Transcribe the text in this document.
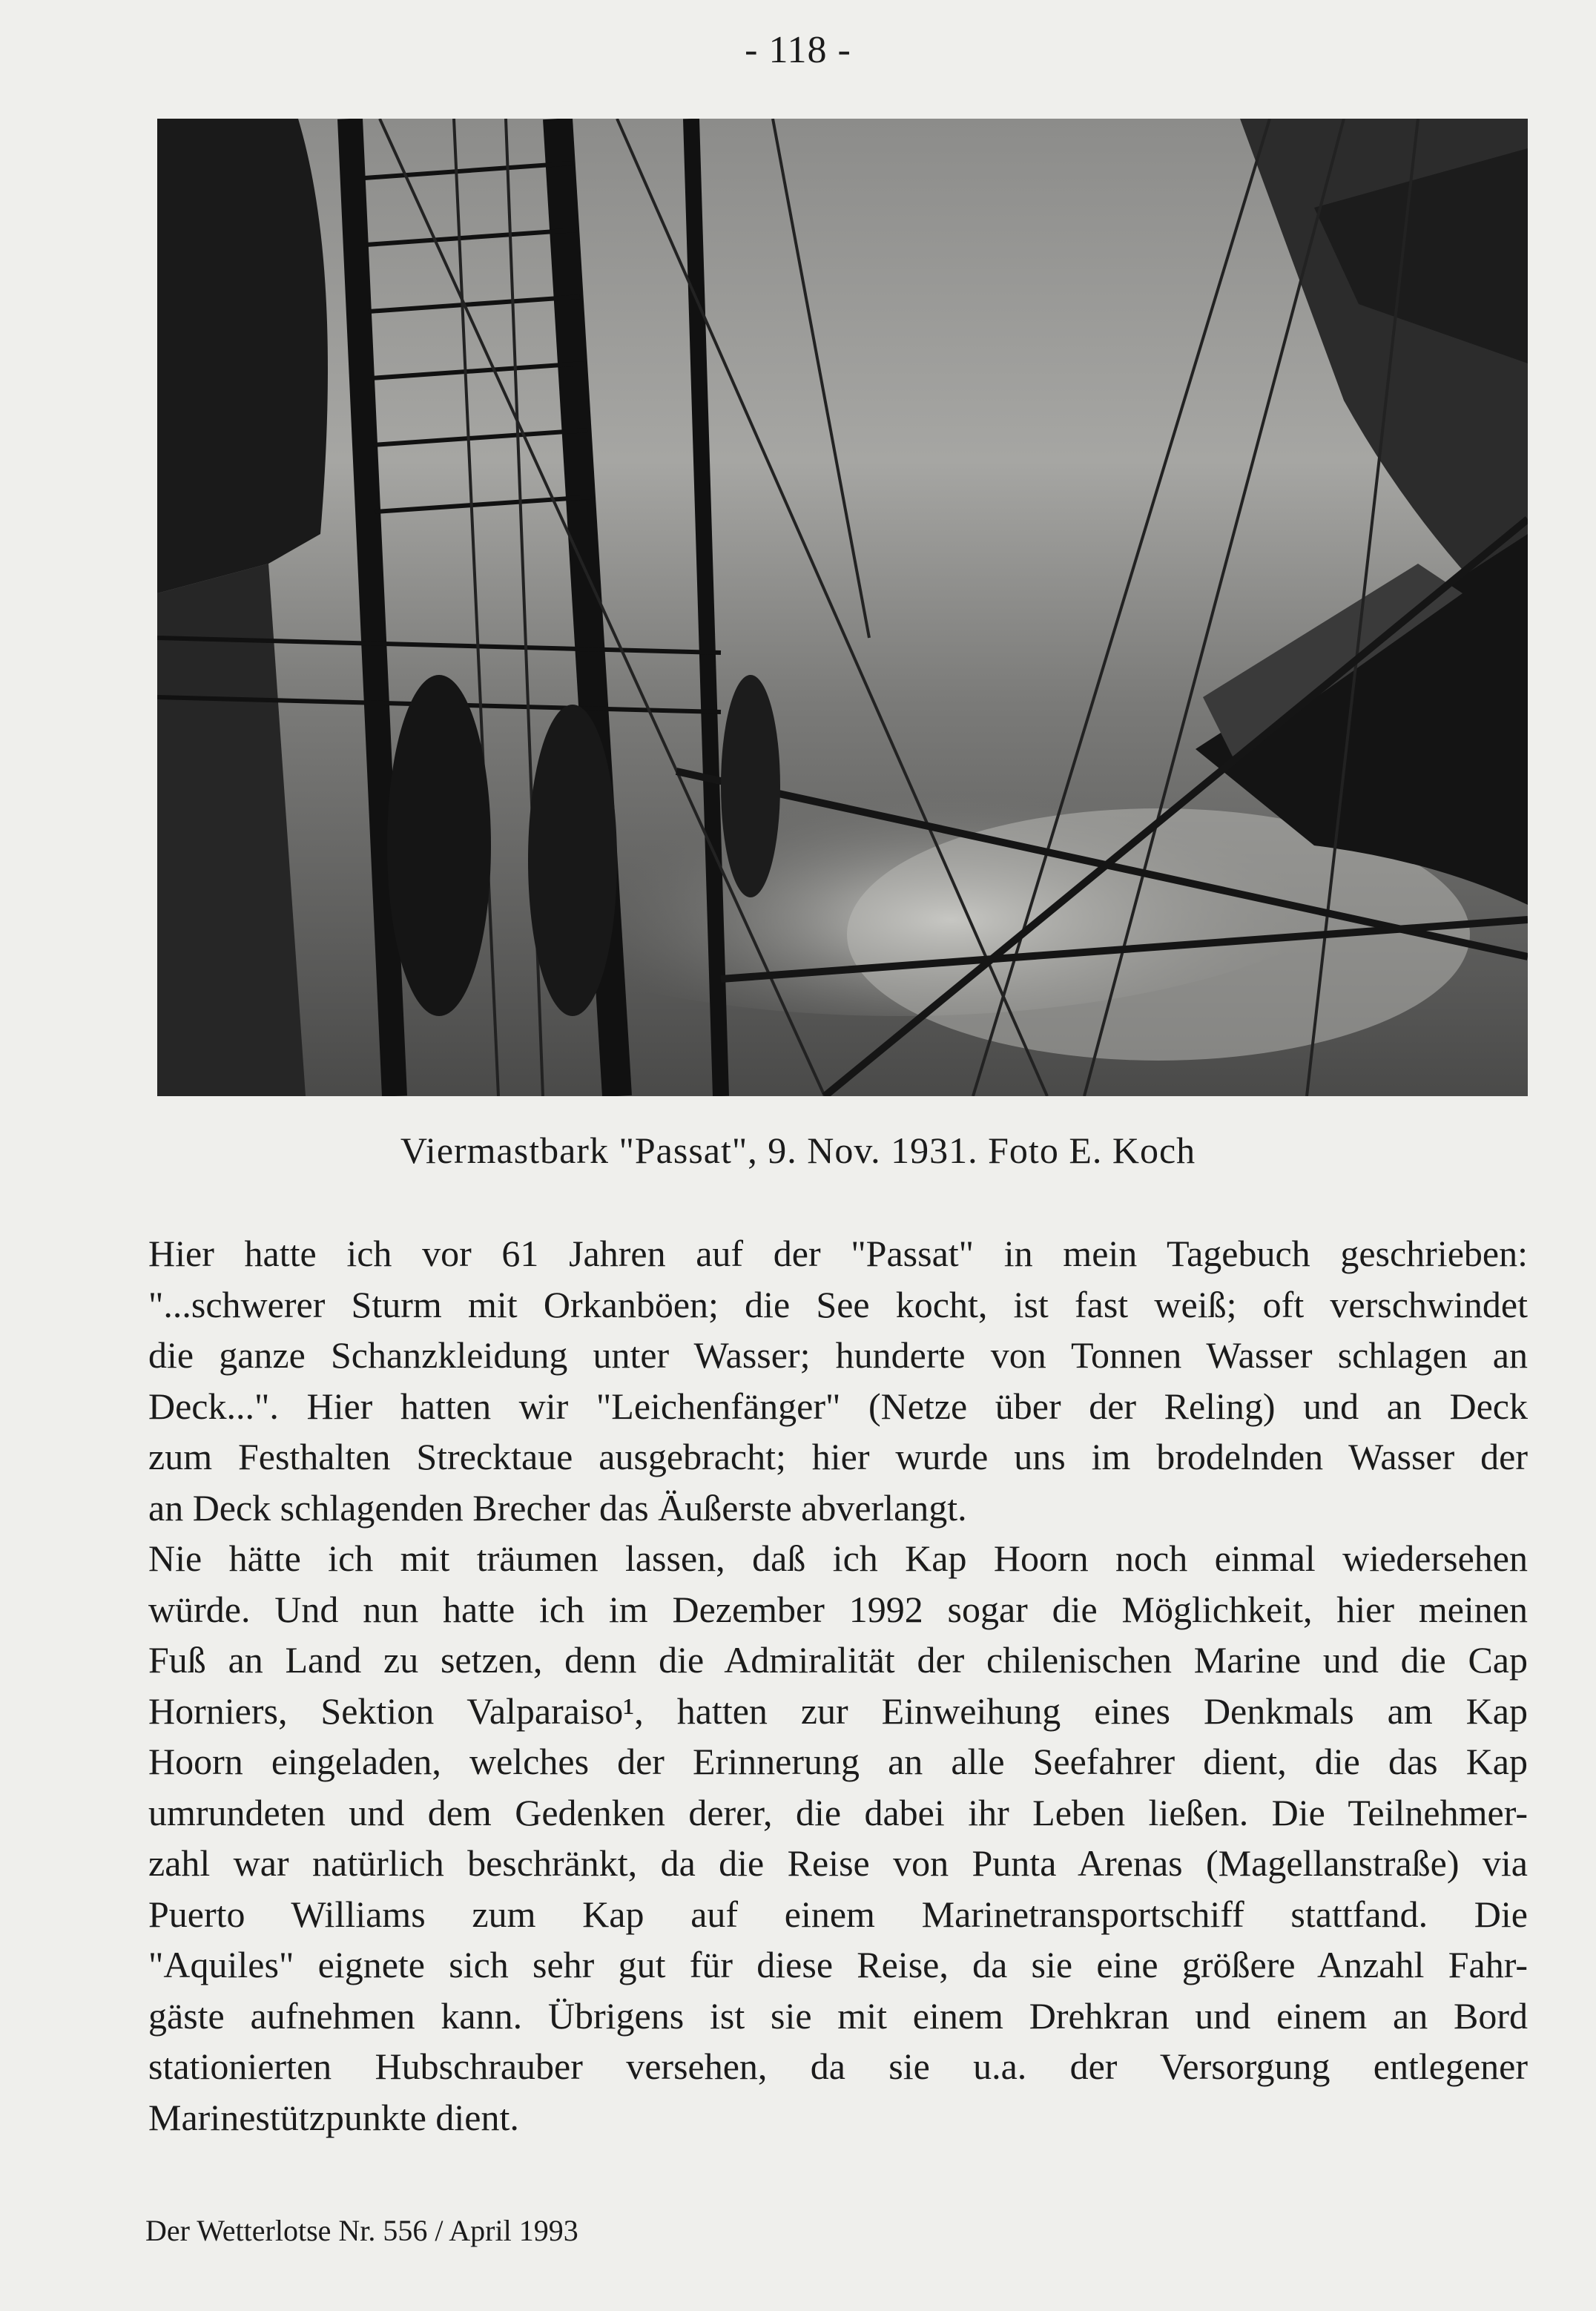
- 118 -
Viermastbark "Passat", 9. Nov. 1931. Foto E. Koch
Hier hatte ich vor 61 Jahren auf der "Passat" in mein Tagebuch geschrieben:
"...schwerer Sturm mit Orkanböen; die See kocht, ist fast weiß; oft verschwindet
die ganze Schanzkleidung unter Wasser; hunderte von Tonnen Wasser schlagen an
Deck...". Hier hatten wir "Leichenfänger" (Netze über der Reling) und an Deck
zum Festhalten Strecktaue ausgebracht; hier wurde uns im brodelnden Wasser der
an Deck schlagenden Brecher das Äußerste abverlangt.
Nie hätte ich mit träumen lassen, daß ich Kap Hoorn noch einmal wiedersehen
würde. Und nun hatte ich im Dezember 1992 sogar die Möglichkeit, hier meinen
Fuß an Land zu setzen, denn die Admiralität der chilenischen Marine und die Cap
Horniers, Sektion Valparaiso¹, hatten zur Einweihung eines Denkmals am Kap
Hoorn eingeladen, welches der Erinnerung an alle Seefahrer dient, die das Kap
umrundeten und dem Gedenken derer, die dabei ihr Leben ließen. Die Teilnehmer-
zahl war natürlich beschränkt, da die Reise von Punta Arenas (Magellanstraße) via
Puerto Williams zum Kap auf einem Marinetransportschiff stattfand. Die
"Aquiles" eignete sich sehr gut für diese Reise, da sie eine größere Anzahl Fahr-
gäste aufnehmen kann. Übrigens ist sie mit einem Drehkran und einem an Bord
stationierten Hubschrauber versehen, da sie u.a. der Versorgung entlegener
Marinestützpunkte dient.
Der Wetterlotse Nr. 556 / April 1993
